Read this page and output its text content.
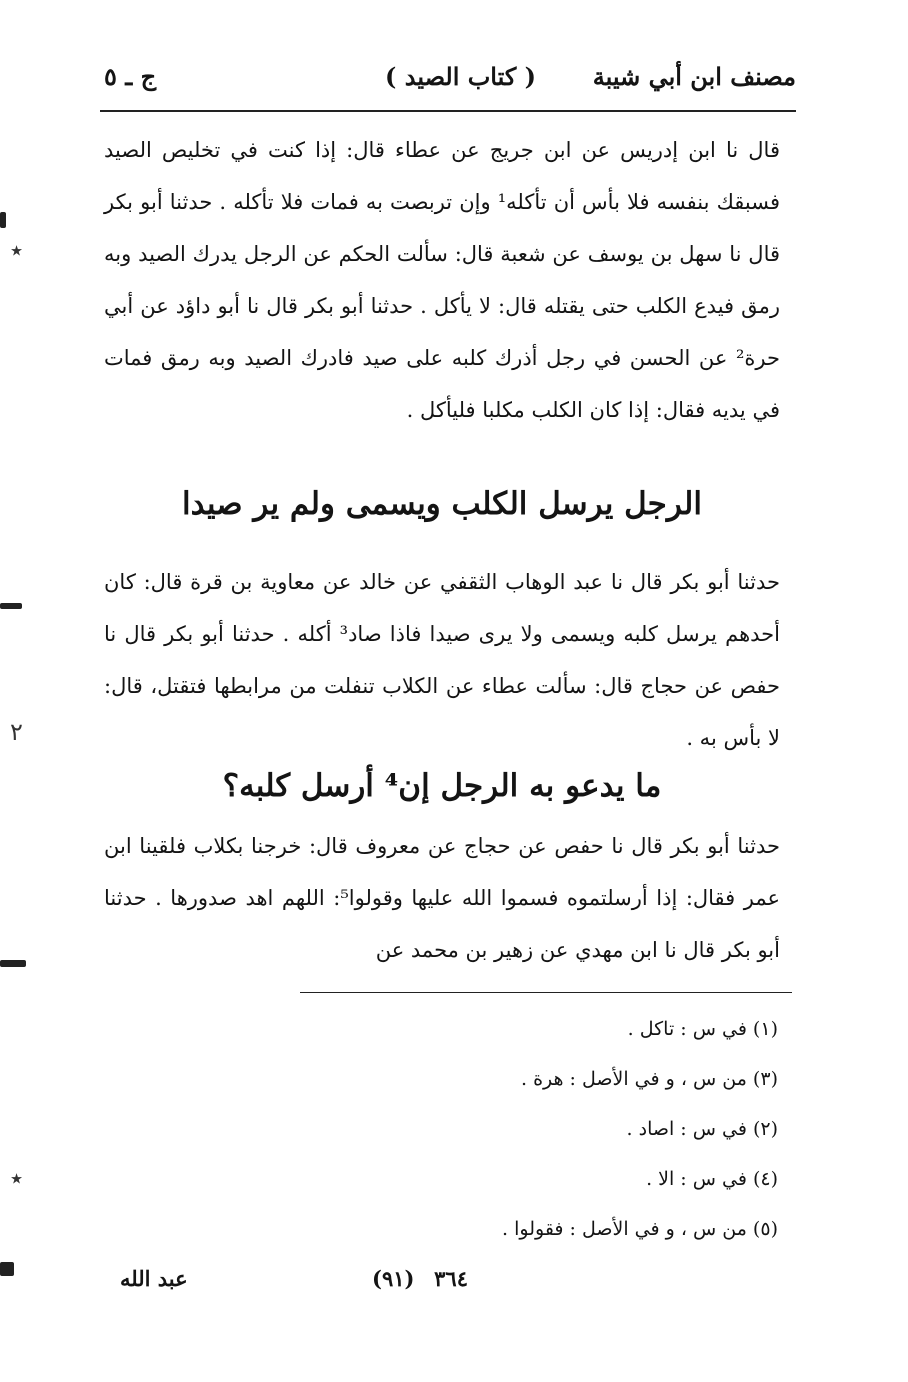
مصنف ابن أبي شيبة
( كتاب الصيد )
ج ـ ٥
قال نا ابن إدريس عن ابن جريج عن عطاء قال: إذا كنت في تخليص الصيد فسبقك بنفسه فلا بأس أن تأكله¹ وإن تربصت به فمات فلا تأكله . حدثنا أبو بكر قال نا سهل بن يوسف عن شعبة قال: سألت الحكم عن الرجل يدرك الصيد وبه رمق فيدع الكلب حتى يقتله قال: لا يأكل . حدثنا أبو بكر قال نا أبو داؤد عن أبي حرة² عن الحسن في رجل أذرك كلبه على صيد فادرك الصيد وبه رمق فمات في يديه فقال: إذا كان الكلب مكلبا فليأكل .
الرجل يرسل الكلب ويسمى ولم ير صيدا
حدثنا أبو بكر قال نا عبد الوهاب الثقفي عن خالد عن معاوية بن قرة قال: كان أحدهم يرسل كلبه ويسمى ولا يرى صيدا فاذا صاد³ أكله . حدثنا أبو بكر قال نا حفص عن حجاج قال: سألت عطاء عن الكلاب تنفلت من مرابطها فتقتل، قال: لا بأس به .
ما يدعو به الرجل إن⁴ أرسل كلبه؟
حدثنا أبو بكر قال نا حفص عن حجاج عن معروف قال: خرجنا بكلاب فلقينا ابن عمر فقال: إذا أرسلتموه فسموا الله عليها وقولوا⁵: اللهم اهد صدورها . حدثنا أبو بكر قال نا ابن مهدي عن زهير بن محمد عن
(١) في س : تاكل .
(٣) من س ، و في الأصل : هرة .
(٢) في س : اصاد .
(٤) في س : الا .
(٥) من س ، و في الأصل : فقولوا .
٣٦٤
(٩١)
عبد الله
٭
٢
٭
